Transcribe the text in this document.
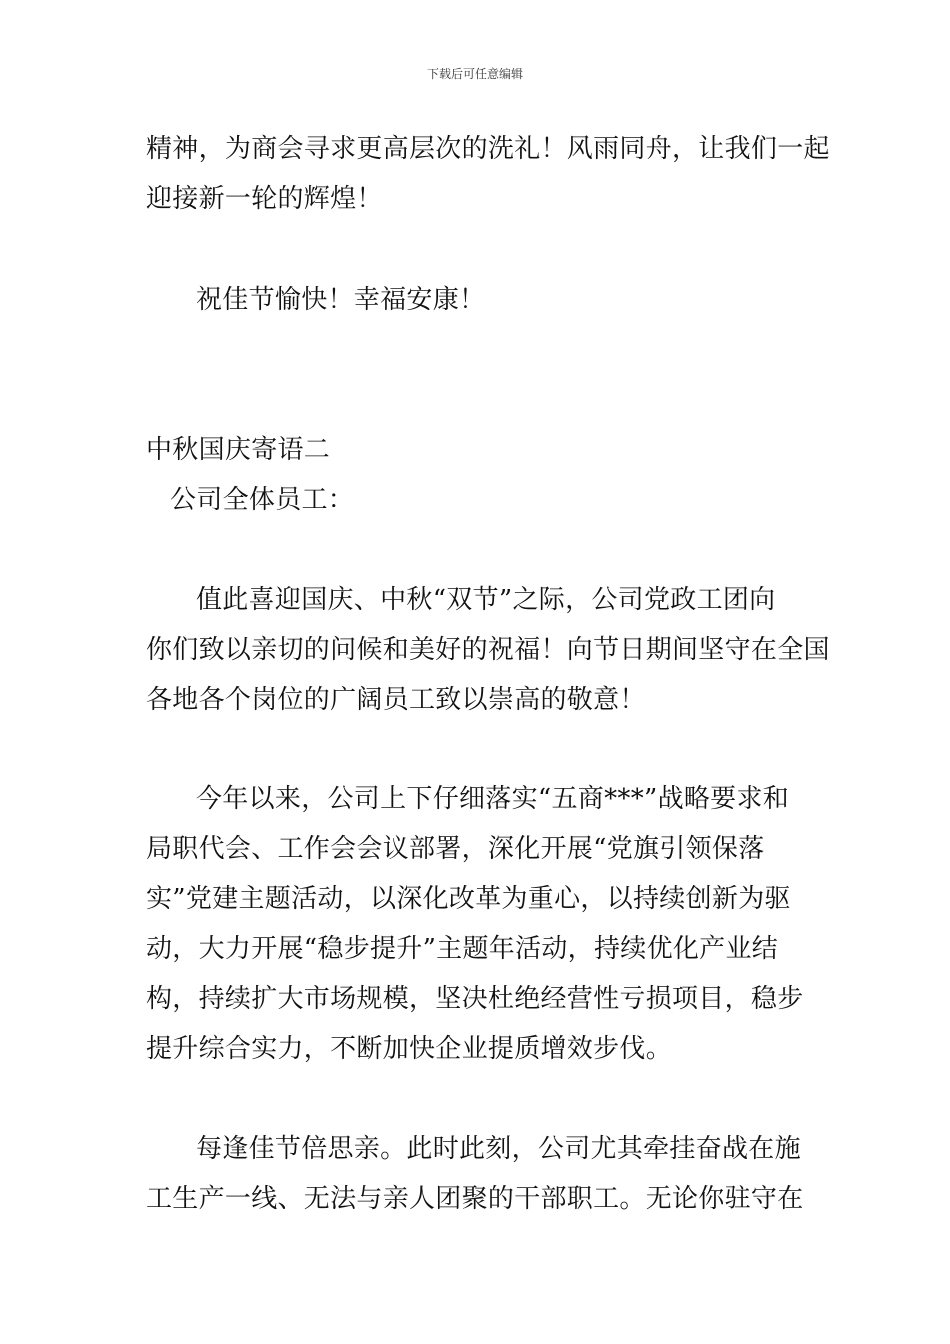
下载后可任意编辑
精神，为商会寻求更高层次的洗礼！风雨同舟，让我们一起
迎接新一轮的辉煌！
祝佳节愉快！幸福安康！
中秋国庆寄语二
公司全体员工：
值此喜迎国庆、中秋“双节”之际，公司党政工团向
你们致以亲切的问候和美好的祝福！向节日期间坚守在全国
各地各个岗位的广阔员工致以崇高的敬意！
今年以来，公司上下仔细落实“五商***”战略要求和
局职代会、工作会会议部署，深化开展“党旗引领保落
实”党建主题活动，以深化改革为重心，以持续创新为驱
动，大力开展“稳步提升”主题年活动，持续优化产业结
构，持续扩大市场规模，坚决杜绝经营性亏损项目，稳步
提升综合实力，不断加快企业提质增效步伐。
每逢佳节倍思亲。此时此刻，公司尤其牵挂奋战在施
工生产一线、无法与亲人团聚的干部职工。无论你驻守在
